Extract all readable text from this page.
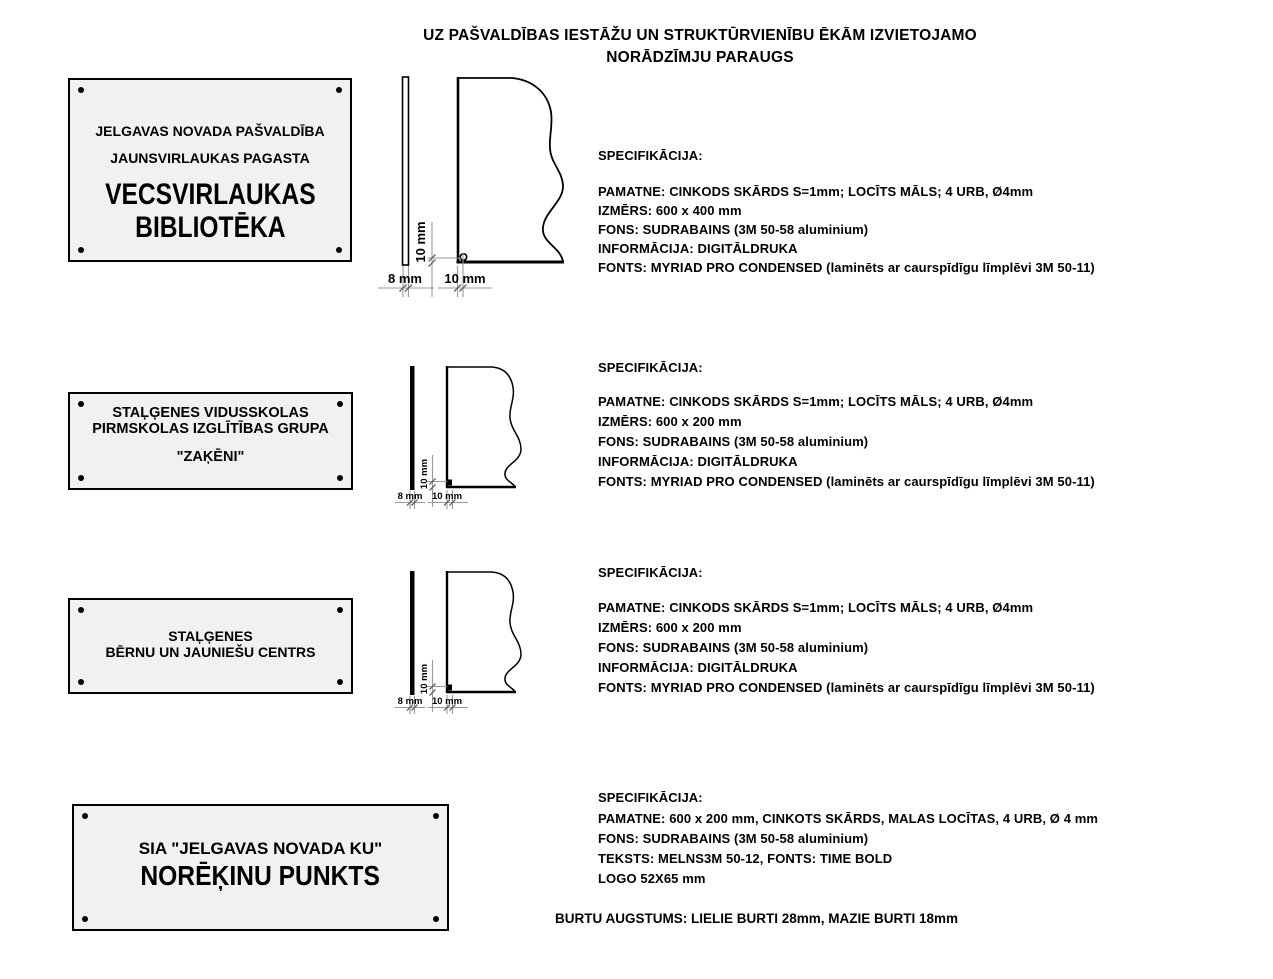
UZ PAŠVALDĪBAS IESTĀŽU UN STRUKTŪRVIENĪBU ĒKĀM IZVIETOJAMO
NORĀDZĪMJU PARAUGS
JELGAVAS NOVADA PAŠVALDĪBA
JAUNSVIRLAUKAS PAGASTA
VECSVIRLAUKAS
BIBLIOTĒKA
STAĻĢENES VIDUSSKOLAS
PIRMSKOLAS IZGLĪTĪBAS GRUPA
"ZAĶĒNI"
STAĻĢENES
BĒRNU UN JAUNIEŠU CENTRS
SIA "JELGAVAS NOVADA KU"
NORĒĶINU PUNKTS
8 mm
10 mm
10 mm
8 mm
10 mm
10 mm
8 mm
10 mm
10 mm
SPECIFIKĀCIJA:
PAMATNE: CINKODS SKĀRDS S=1mm; LOCĪTS MĀLS; 4 URB, Ø4mm
IZMĒRS: 600 x 400 mm
FONS: SUDRABAINS (3M 50-58 aluminium)
INFORMĀCIJA: DIGITĀLDRUKA
FONTS: MYRIAD PRO CONDENSED (laminēts ar caurspīdīgu līmplēvi 3M 50-11)
SPECIFIKĀCIJA:
PAMATNE: CINKODS SKĀRDS S=1mm; LOCĪTS MĀLS; 4 URB, Ø4mm
IZMĒRS: 600 x 200 mm
FONS: SUDRABAINS (3M 50-58 aluminium)
INFORMĀCIJA: DIGITĀLDRUKA
FONTS: MYRIAD PRO CONDENSED (laminēts ar caurspīdīgu līmplēvi 3M 50-11)
SPECIFIKĀCIJA:
PAMATNE: CINKODS SKĀRDS S=1mm; LOCĪTS MĀLS; 4 URB, Ø4mm
IZMĒRS: 600 x 200 mm
FONS: SUDRABAINS (3M 50-58 aluminium)
INFORMĀCIJA: DIGITĀLDRUKA
FONTS: MYRIAD PRO CONDENSED (laminēts ar caurspīdīgu līmplēvi 3M 50-11)
SPECIFIKĀCIJA:
PAMATNE: 600 x 200 mm, CINKOTS SKĀRDS, MALAS LOCĪTAS, 4 URB, Ø 4 mm
FONS: SUDRABAINS (3M 50-58 aluminium)
TEKSTS: MELNS3M 50-12, FONTS: TIME BOLD
LOGO 52X65 mm
BURTU AUGSTUMS: LIELIE BURTI 28mm, MAZIE BURTI 18mm
